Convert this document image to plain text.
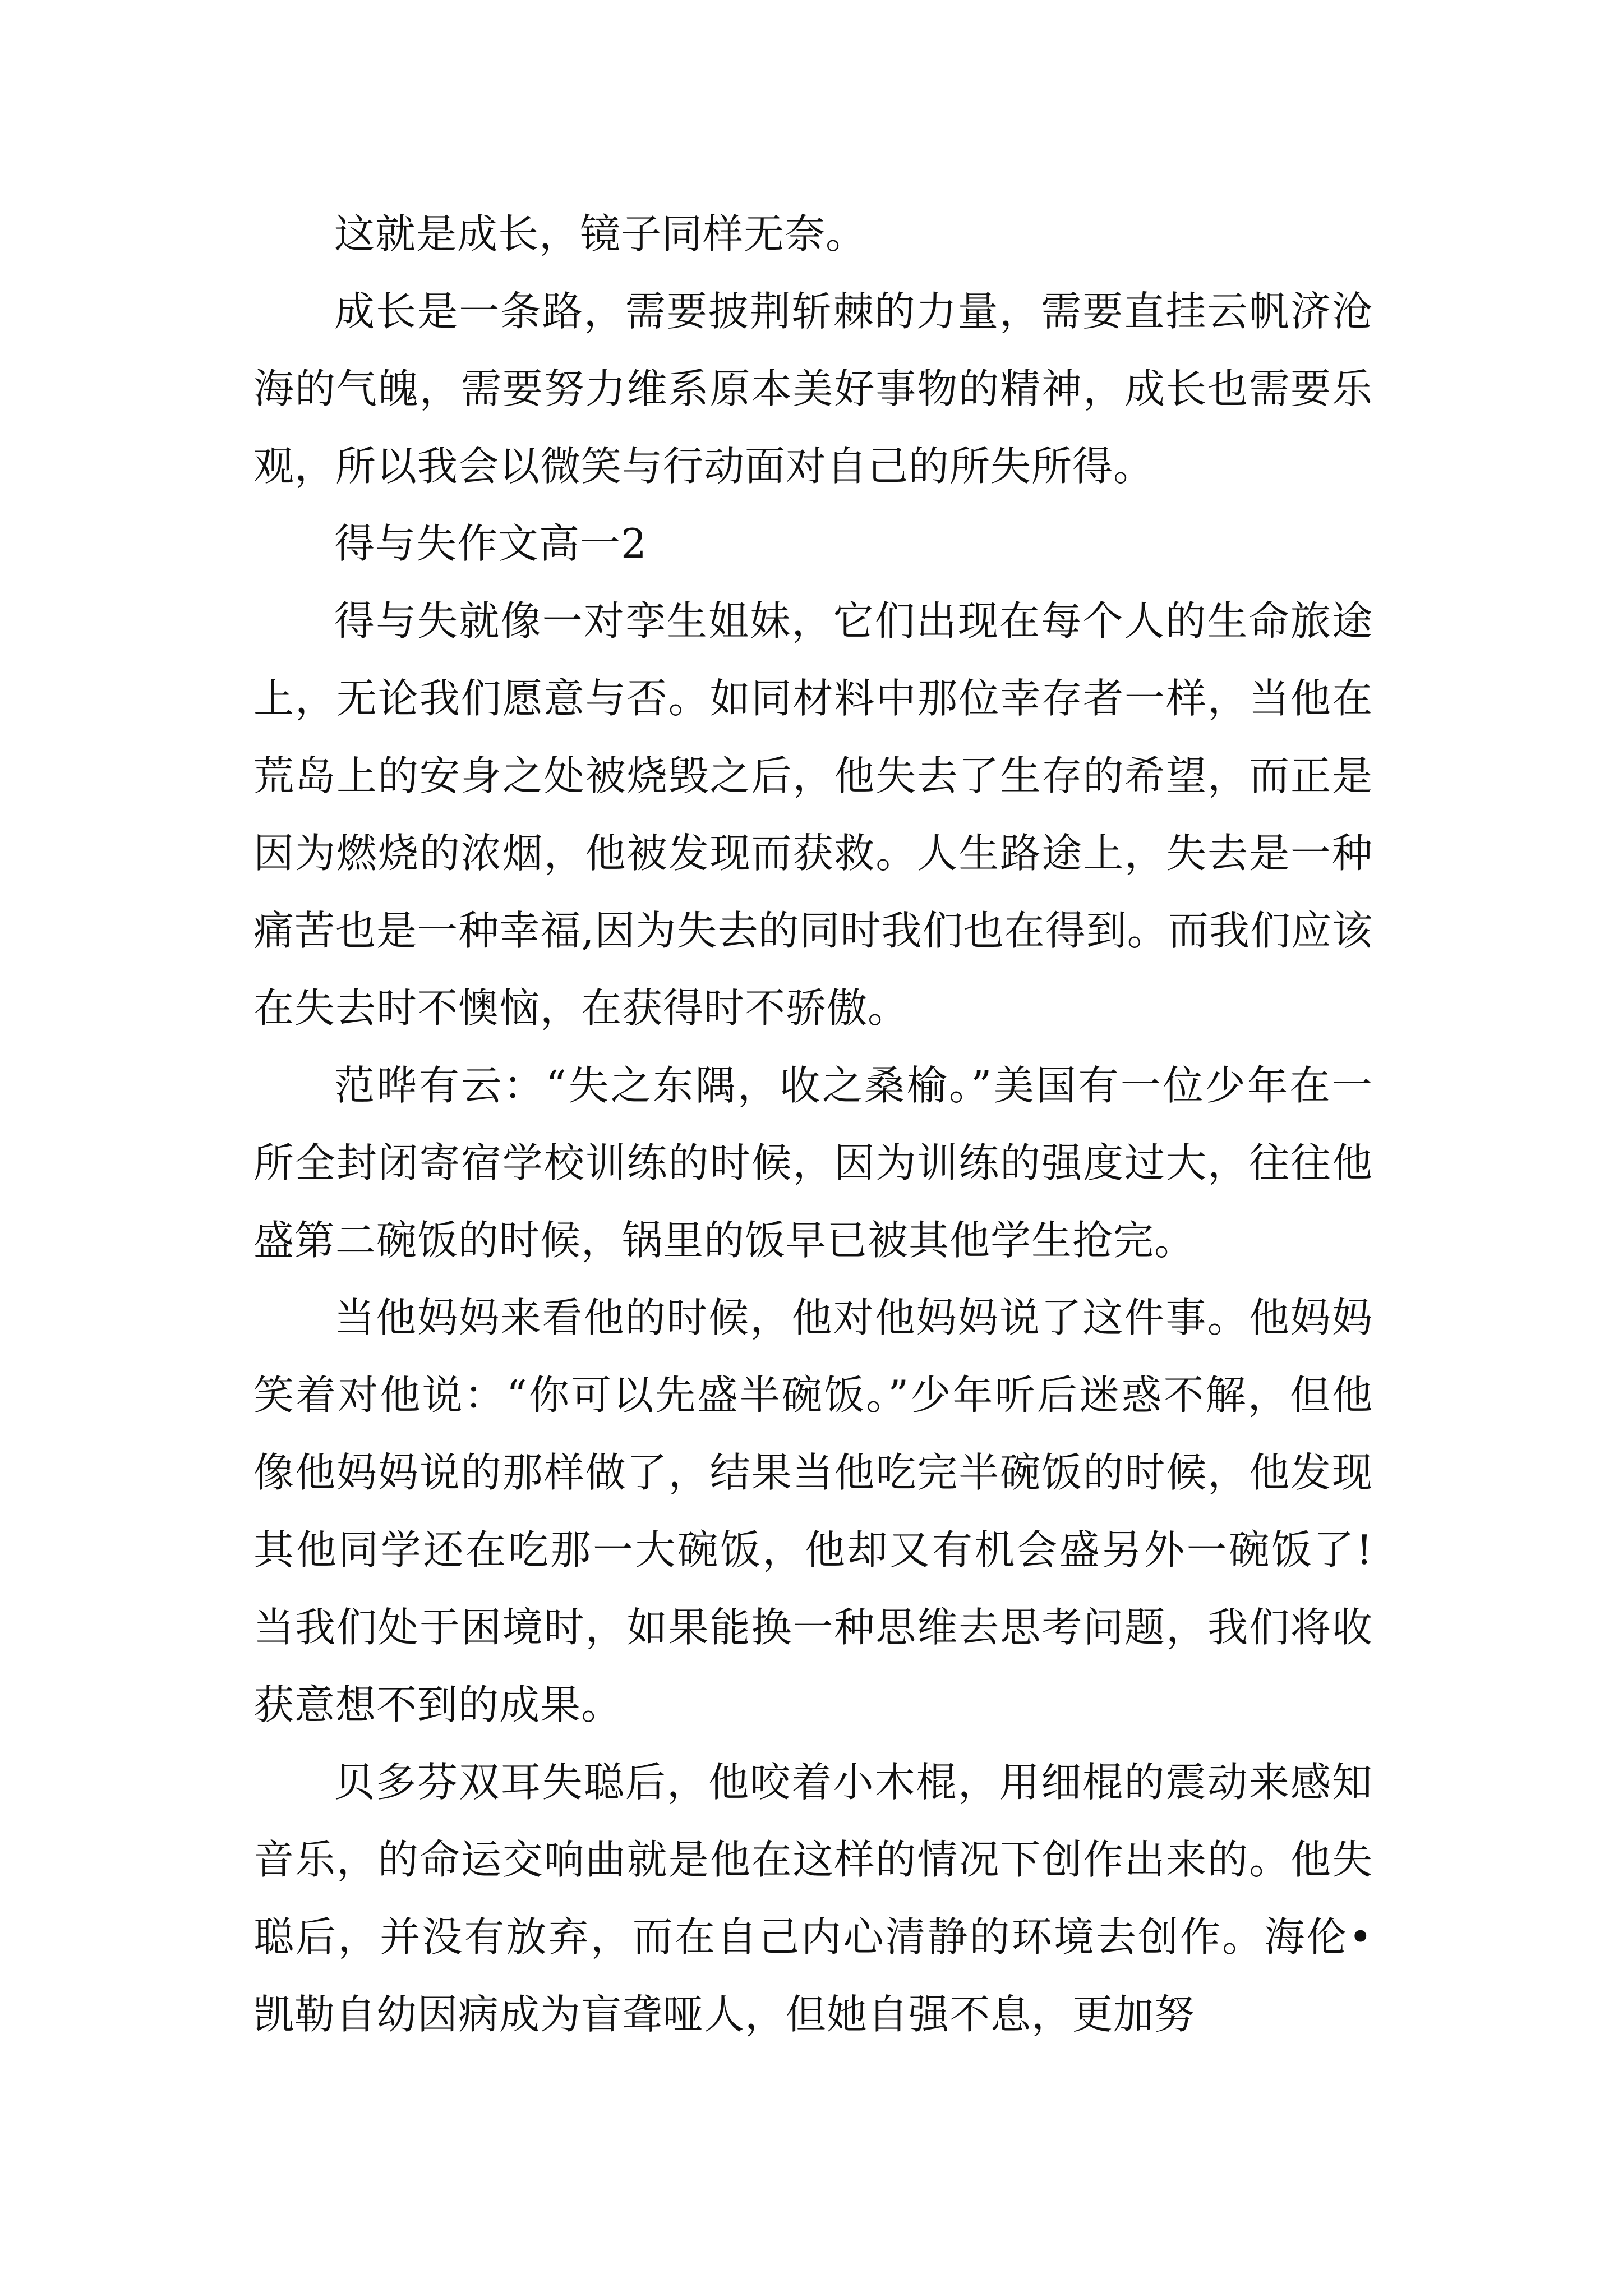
这就是成长，镜子同样无奈。

成长是一条路，需要披荆斩棘的力量，需要直挂云帆济沧海的气魄，需要努力维系原本美好事物的精神，成长也需要乐观，所以我会以微笑与行动面对自己的所失所得。

得与失作文高一2

得与失就像一对孪生姐妹，它们出现在每个人的生命旅途上，无论我们愿意与否。如同材料中那位幸存者一样，当他在荒岛上的安身之处被烧毁之后，他失去了生存的希望，而正是因为燃烧的浓烟，他被发现而获救。人生路途上，失去是一种痛苦也是一种幸福,因为失去的同时我们也在得到。而我们应该在失去时不懊恼，在获得时不骄傲。

范晔有云：“失之东隅，收之桑榆。”美国有一位少年在一所全封闭寄宿学校训练的时候，因为训练的强度过大，往往他盛第二碗饭的时候，锅里的饭早已被其他学生抢完。

当他妈妈来看他的时候，他对他妈妈说了这件事。他妈妈笑着对他说：“你可以先盛半碗饭。”少年听后迷惑不解，但他像他妈妈说的那样做了，结果当他吃完半碗饭的时候，他发现其他同学还在吃那一大碗饭，他却又有机会盛另外一碗饭了!当我们处于困境时，如果能换一种思维去思考问题，我们将收获意想不到的成果。

贝多芬双耳失聪后，他咬着小木棍，用细棍的震动来感知音乐，的命运交响曲就是他在这样的情况下创作出来的。他失聪后，并没有放弃，而在自己内心清静的环境去创作。海伦•凯勒自幼因病成为盲聋哑人，但她自强不息，更加努
